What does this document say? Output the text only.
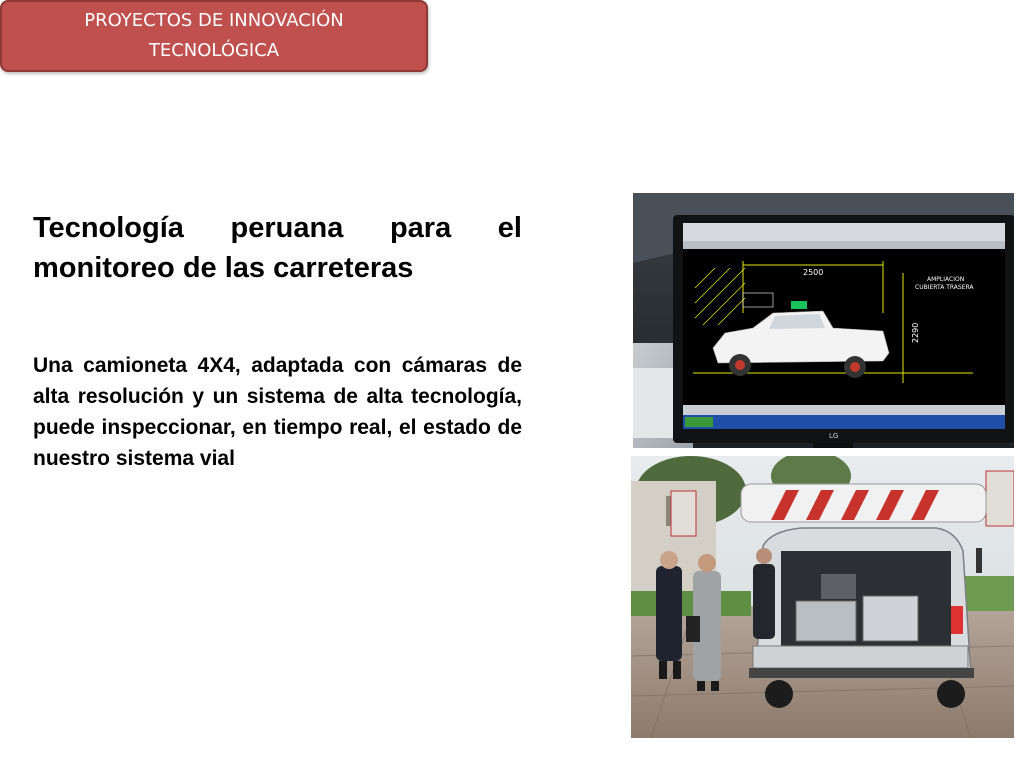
PROYECTOS DE INNOVACIÓN
TECNOLÓGICA
Tecnología peruana para el monitoreo de las carreteras

Una camioneta 4X4, adaptada con cámaras de alta resolución y un sistema de alta tecnología, puede inspeccionar, en tiempo real, el estado de nuestro sistema vial

2500
2290
AMPLIACION
CUBIERTA TRASERA
LG
